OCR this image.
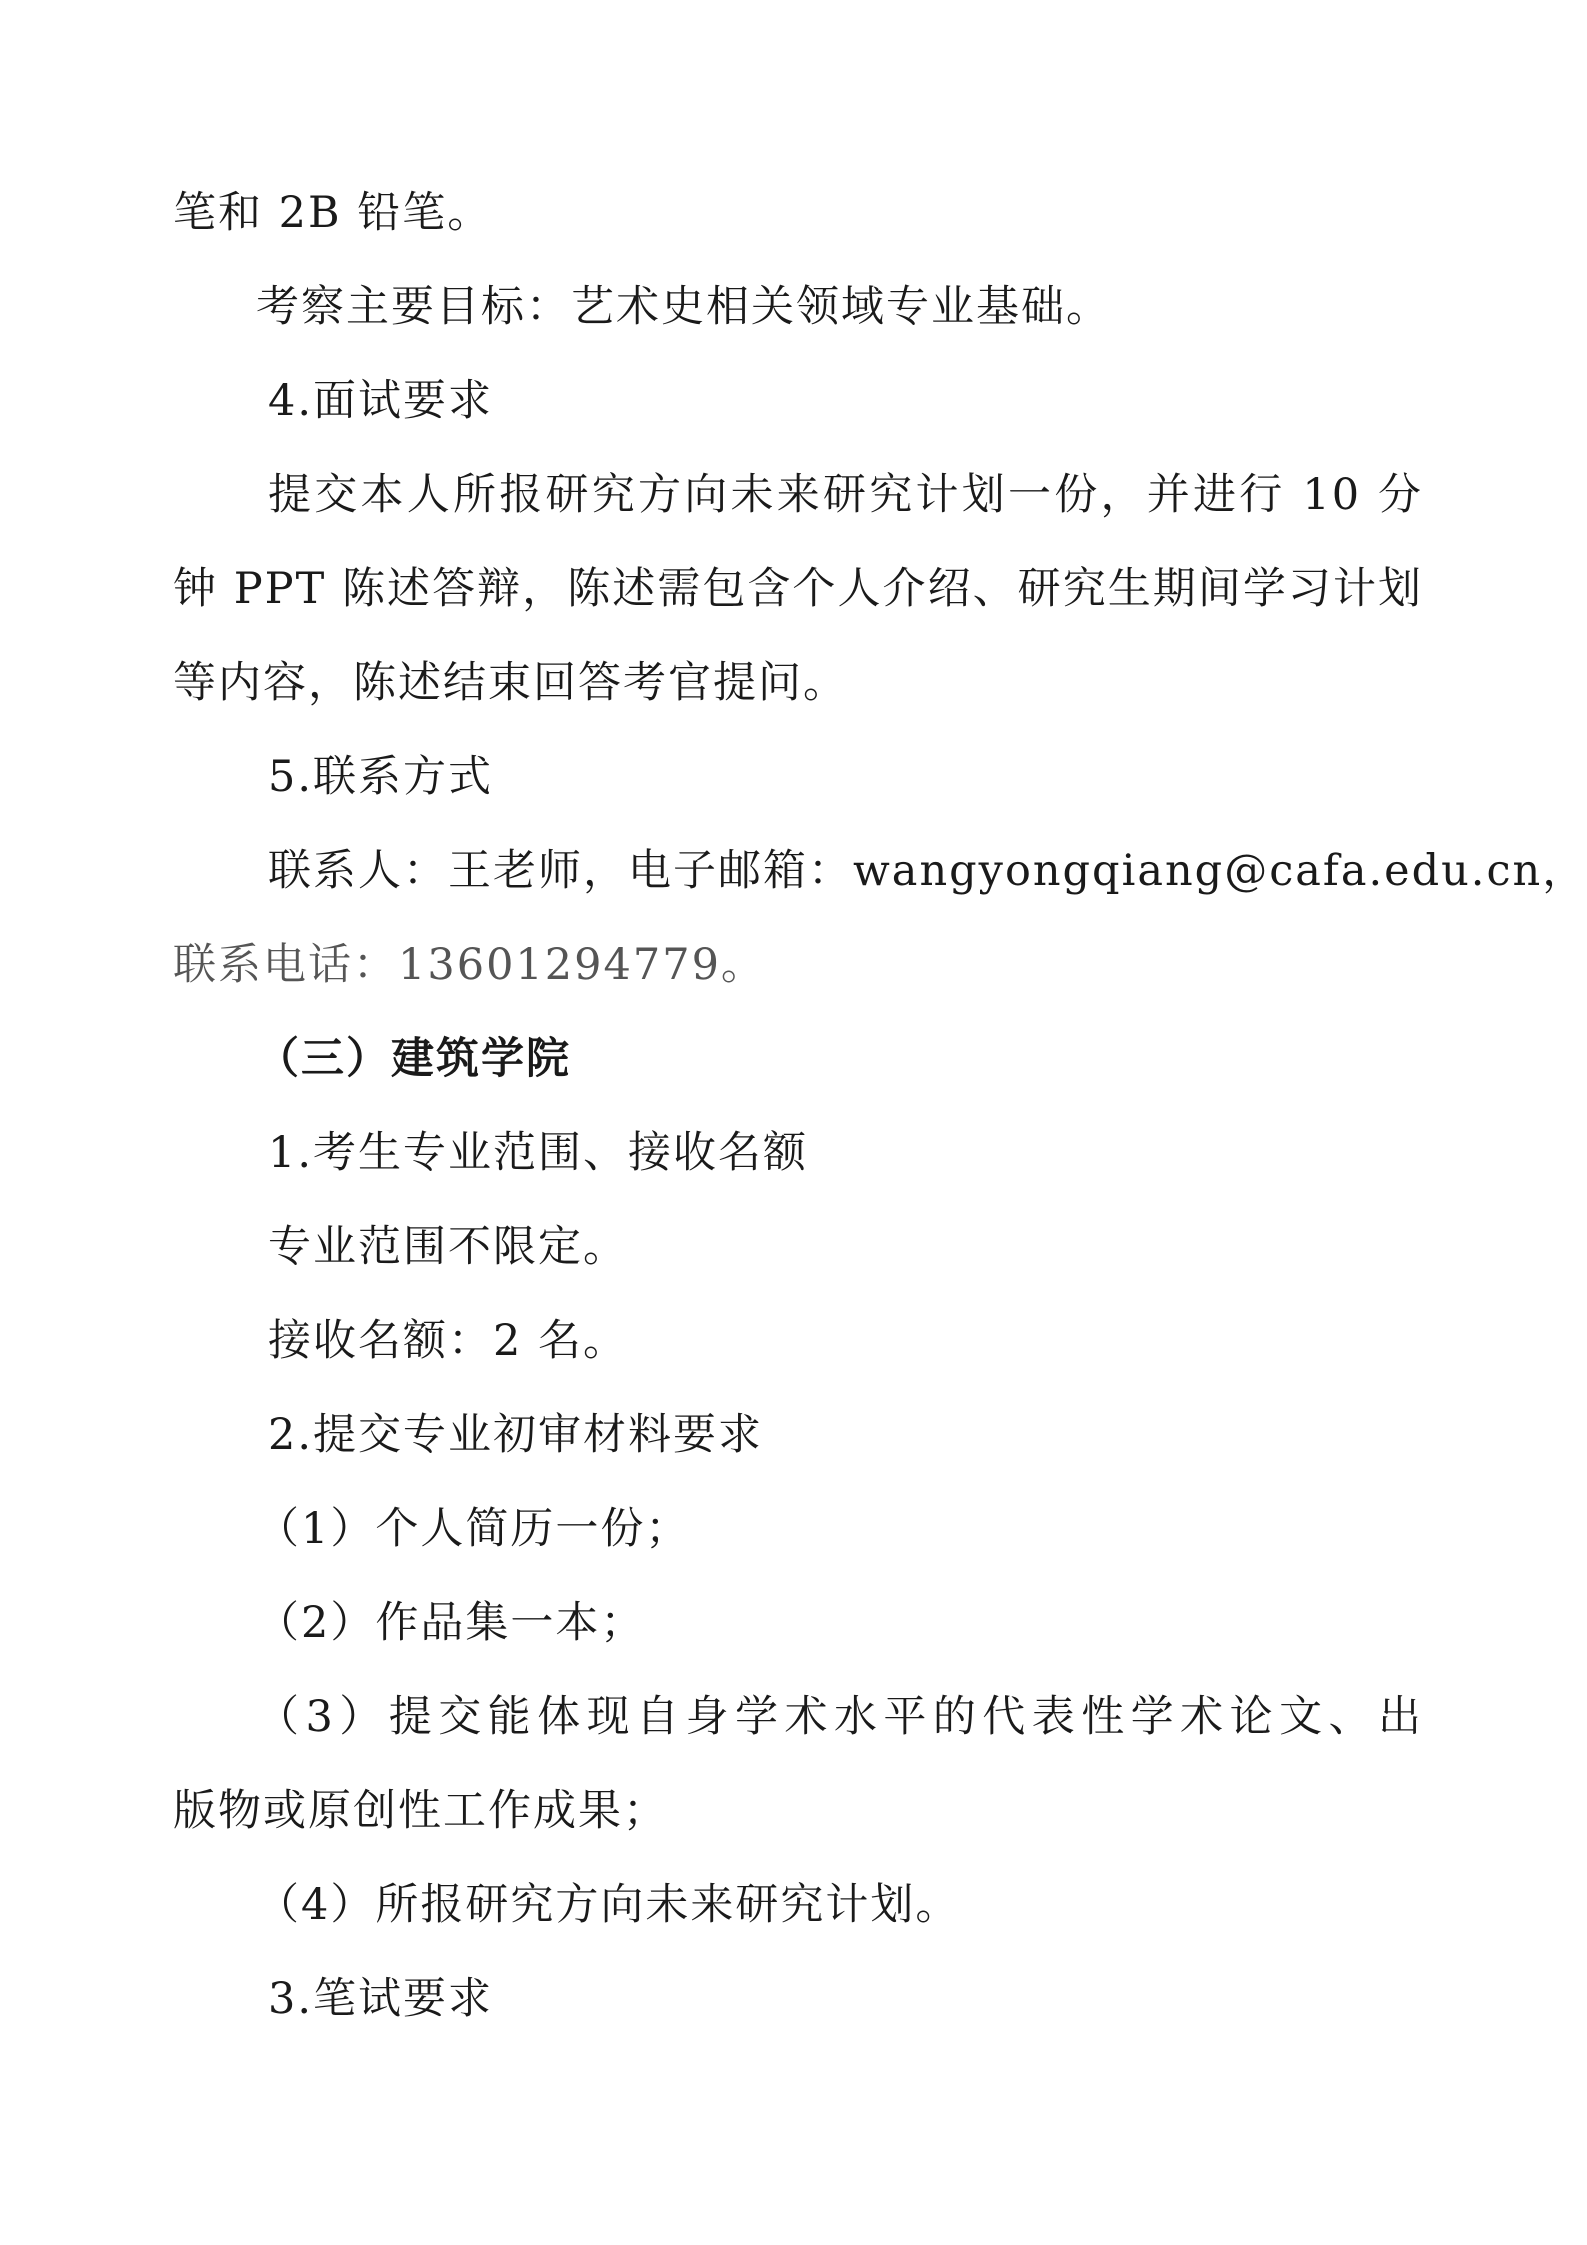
笔和 2B 铅笔。
考察主要目标：艺术史相关领域专业基础。
4.面试要求
提交本人所报研究方向未来研究计划一份，并进行 10 分
钟 PPT 陈述答辩，陈述需包含个人介绍、研究生期间学习计划
等内容，陈述结束回答考官提问。
5.联系方式
联系人：王老师，电子邮箱：wangyongqiang@cafa.edu.cn，
联系电话：13601294779。
（三）建筑学院
1.考生专业范围、接收名额
专业范围不限定。
接收名额：2 名。
2.提交专业初审材料要求
（1）个人简历一份；
（2）作品集一本；
（3）提交能体现自身学术水平的代表性学术论文、出
版物或原创性工作成果；
（4）所报研究方向未来研究计划。
3.笔试要求
